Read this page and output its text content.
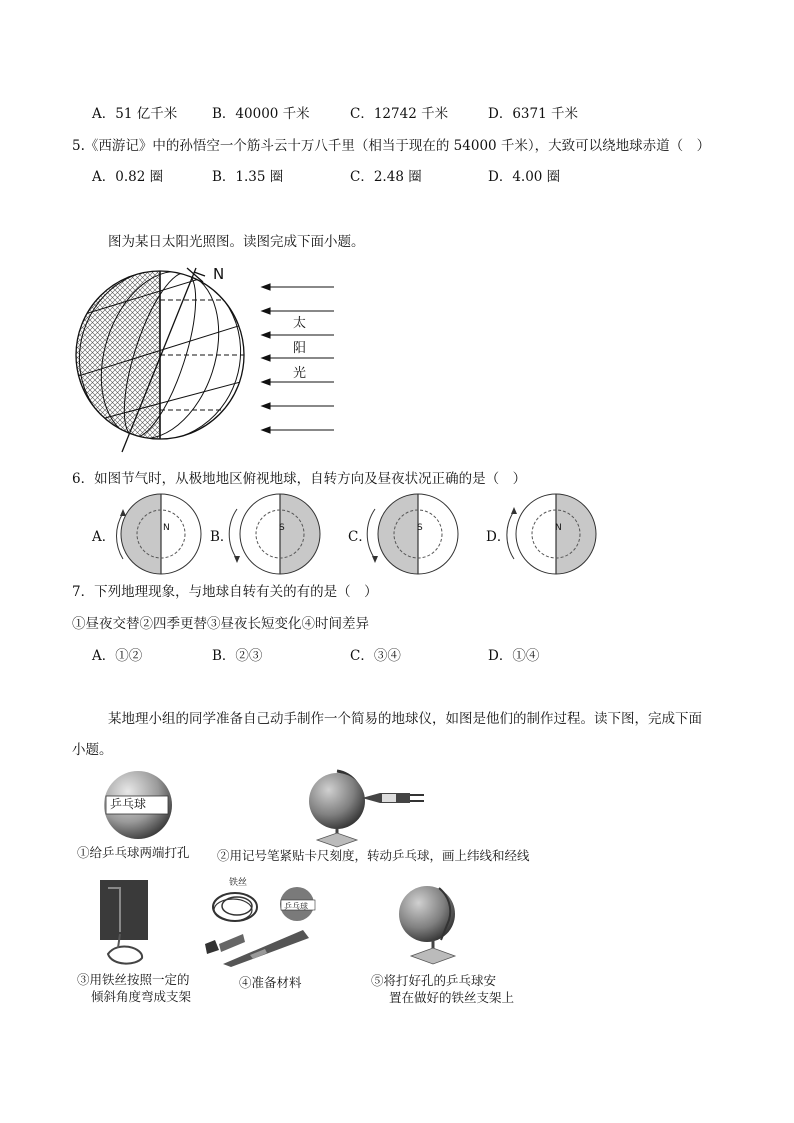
A．51 亿千米	B．40000 千米	C．12742 千米	D．6371 千米
5.《西游记》中的孙悟空一个筋斗云十万八千里（相当于现在的 54000 千米），大致可以绕地球赤道（　）
A．0.82 圈	B．1.35 圈	C．2.48 圈	D．4.00 圈
图为某日太阳光照图。读图完成下面小题。
N
太
阳
光
6．如图节气时，从极地地区俯视地球，自转方向及昼夜状况正确的是（　）
A．
N
B．
S
C．
S
D．
N
7．下列地理现象，与地球自转有关的有的是（　）
①昼夜交替②四季更替③昼夜长短变化④时间差异
A．①②	B．②③	C．③④	D．①④
某地理小组的同学准备自己动手制作一个简易的地球仪，如图是他们的制作过程。读下图，完成下面
小题。
乒乓球
①给乒乓球两端打孔 ②用记号笔紧贴卡尺刻度，转动乒乓球，画上纬线和经线
铁丝
乒乓球
③用铁丝按照一定的
倾斜角度弯成支架
④准备材料	⑤将打好孔的乒乓球安
置在做好的铁丝支架上
